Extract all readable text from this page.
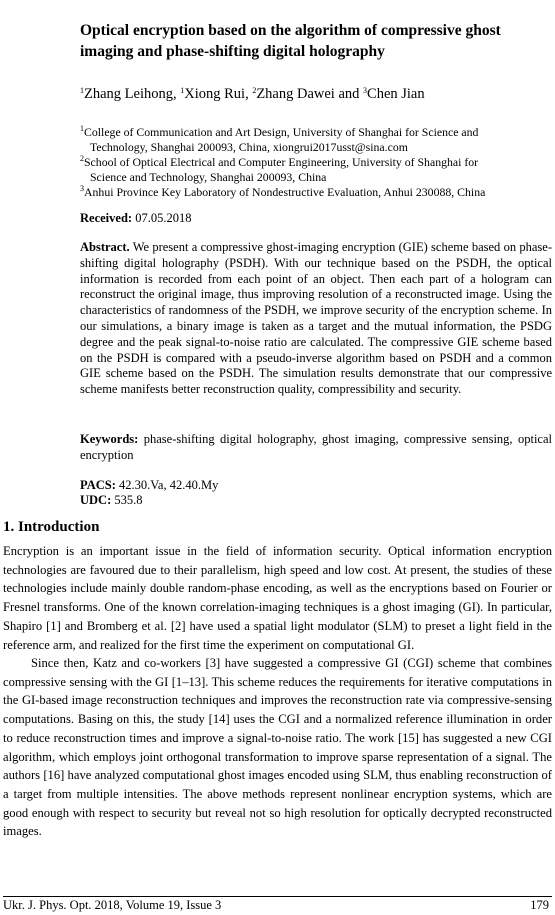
Optical encryption based on the algorithm of compressive ghost imaging and phase-shifting digital holography

$^1$Zhang Leihong, $^1$Xiong Rui, $^2$Zhang Dawei and $^3$Chen Jian

$^1$College of Communication and Art Design, University of Shanghai for Science and
Technology, Shanghai 200093, China, xiongrui2017usst@sina.com

$^2$School of Optical Electrical and Computer Engineering, University of Shanghai for
Science and Technology, Shanghai 200093, China

$^3$Anhui Province Key Laboratory of Nondestructive Evaluation, Anhui 230088, China

Received: 07.05.2018

Abstract. We present a compressive ghost-imaging encryption (GIE) scheme based on phase-shifting digital holography (PSDH). With our technique based on the PSDH, the optical information is recorded from each point of an object. Then each part of a hologram can reconstruct the original image, thus improving resolution of a reconstructed image. Using the characteristics of randomness of the PSDH, we improve security of the encryption scheme. In our simulations, a binary image is taken as a target and the mutual information, the PSDG degree and the peak signal-to-noise ratio are calculated. The compressive GIE scheme based on the PSDH is compared with a pseudo-inverse algorithm based on PSDH and a common GIE scheme based on the PSDH. The simulation results demonstrate that our compressive scheme manifests better reconstruction quality, compressibility and security.

Keywords: phase-shifting digital holography, ghost imaging, compressive sensing, optical encryption

PACS: 42.30.Va, 42.40.My
UDC: 535.8

1. Introduction

Encryption is an important issue in the field of information security. Optical information encryption technologies are favoured due to their parallelism, high speed and low cost. At present, the studies of these technologies include mainly double random-phase encoding, as well as the encryptions based on Fourier or Fresnel transforms. One of the known correlation-imaging techniques is a ghost imaging (GI). In particular, Shapiro [1] and Bromberg et al. [2] have used a spatial light modulator (SLM) to preset a light field in the reference arm, and realized for the first time the experiment on computational GI.

Since then, Katz and co-workers [3] have suggested a compressive GI (CGI) scheme that combines compressive sensing with the GI [1–13]. This scheme reduces the requirements for iterative computations in the GI-based image reconstruction techniques and improves the reconstruction rate via compressive-sensing computations. Basing on this, the study [14] uses the CGI and a normalized reference illumination in order to reduce reconstruction times and improve a signal-to-noise ratio. The work [15] has suggested a new CGI algorithm, which employs joint orthogonal transformation to improve sparse representation of a signal. The authors [16] have analyzed computational ghost images encoded using SLM, thus enabling reconstruction of a target from multiple intensities. The above methods represent nonlinear encryption systems, which are good enough with respect to security but reveal not so high resolution for optically decrypted reconstructed images.

Ukr. J. Phys. Opt. 2018, Volume 19, Issue 3	179
